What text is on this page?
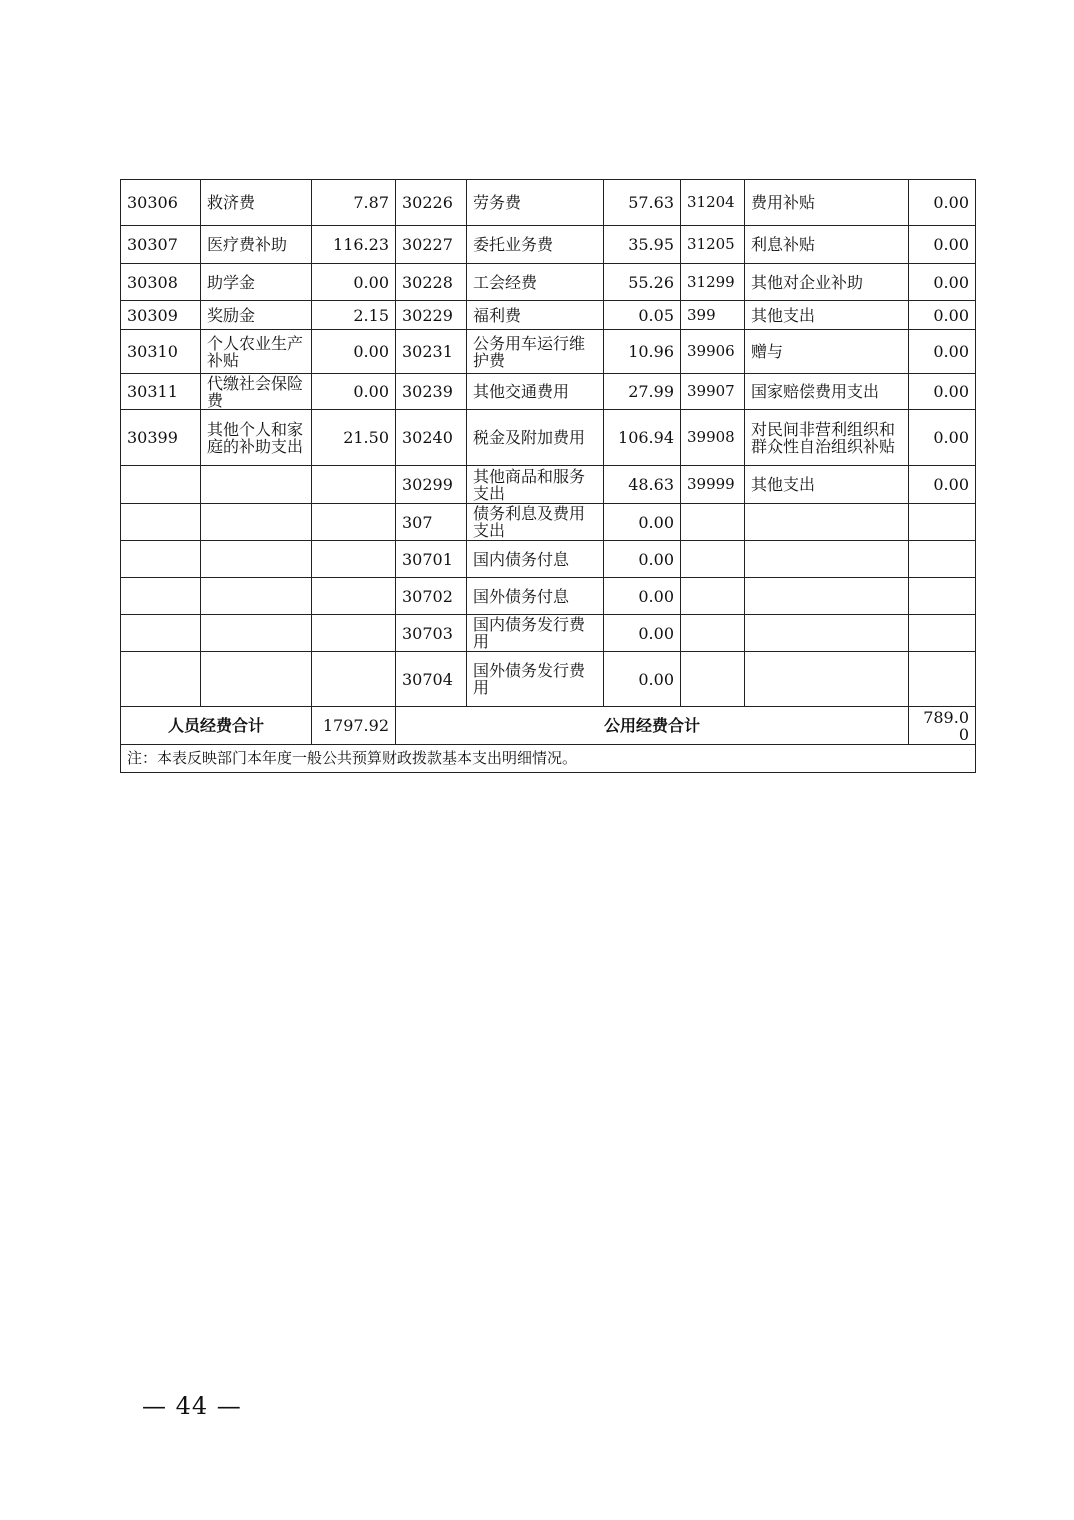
30306	救济费	7.87	30226	劳务费	57.63	31204	费用补贴	0.00
30307	医疗费补助	116.23	30227	委托业务费	35.95	31205	利息补贴	0.00
30308	助学金	0.00	30228	工会经费	55.26	31299	其他对企业补助	0.00
30309	奖励金	2.15	30229	福利费	0.05	399	其他支出	0.00
30310	个人农业生产补贴	0.00	30231	公务用车运行维护费	10.96	39906	赠与	0.00
30311	代缴社会保险费	0.00	30239	其他交通费用	27.99	39907	国家赔偿费用支出	0.00
30399	其他个人和家庭的补助支出	21.50	30240	税金及附加费用	106.94	39908	对民间非营利组织和群众性自治组织补贴	0.00
			30299	其他商品和服务支出	48.63	39999	其他支出	0.00
			307	债务利息及费用支出	0.00			
			30701	国内债务付息	0.00			
			30702	国外债务付息	0.00			
			30703	国内债务发行费用	0.00			
			30704	国外债务发行费用	0.00			
人员经费合计		1797.92	公用经费合计					789.00
注：本表反映部门本年度一般公共预算财政拨款基本支出明细情况。								
— 44 —
